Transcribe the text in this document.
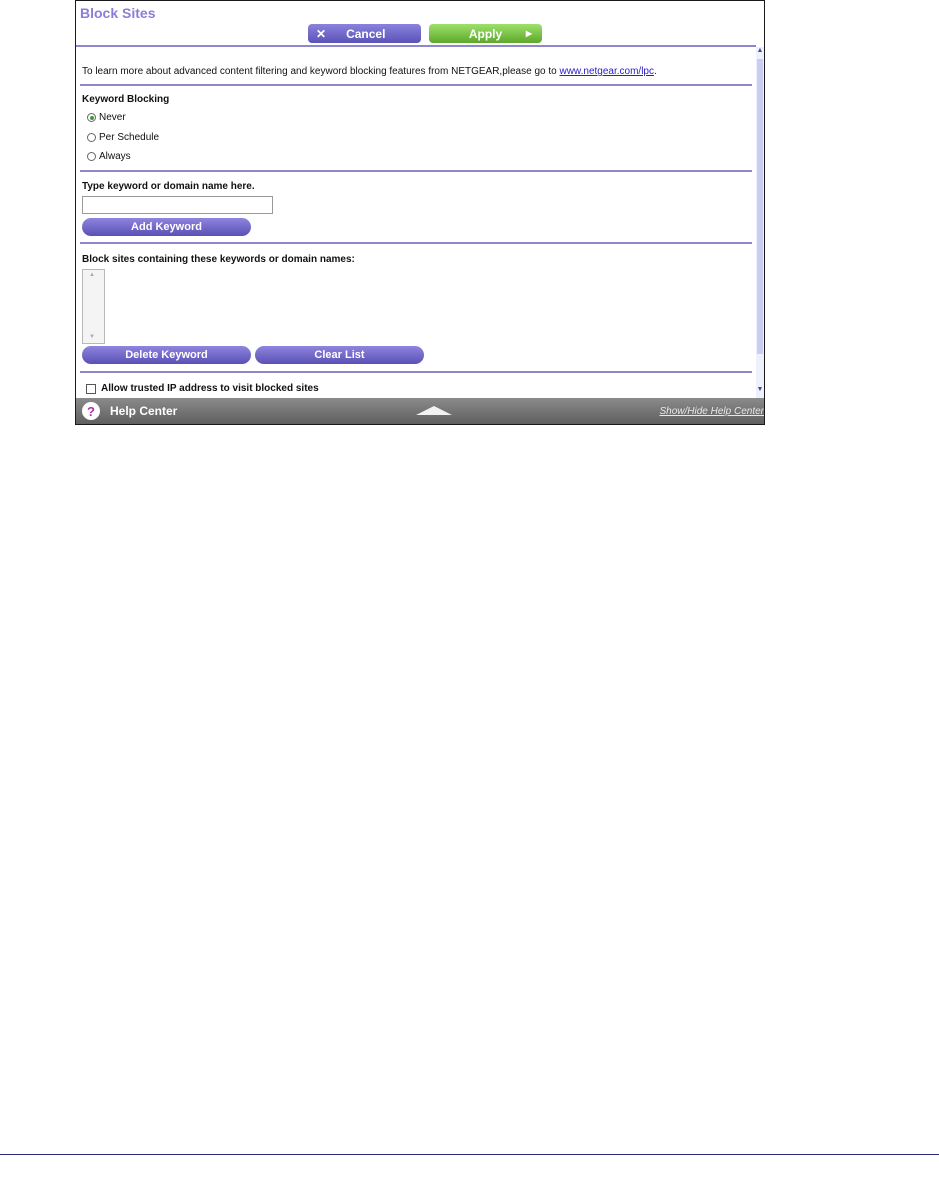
Block Sites
✕ Cancel	Apply	▶
To learn more about advanced content filtering and keyword blocking features from NETGEAR,please go to www.netgear.com/lpc.
Keyword Blocking
Never
Per Schedule
Always
Type keyword or domain name here.
Add Keyword
Block sites containing these keywords or domain names:
▲
▼
Delete Keyword	Clear List
Allow trusted IP address to visit blocked sites
▲
▼
?	Help Center	Show/Hide Help Center
